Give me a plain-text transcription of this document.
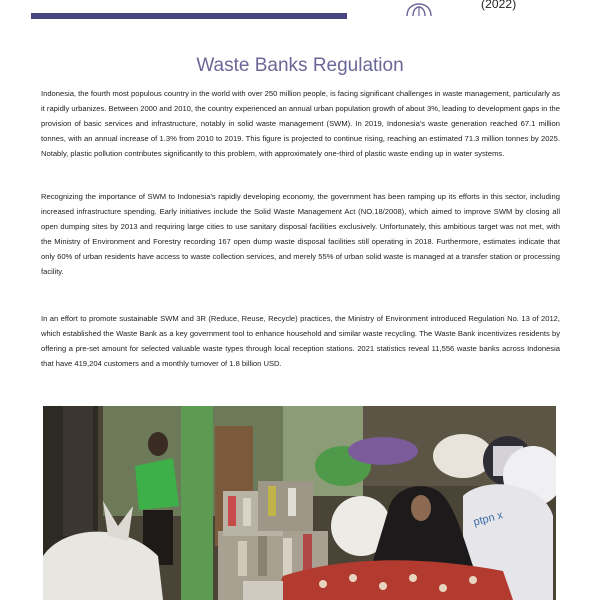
(2022)
Waste Banks Regulation

Indonesia, the fourth most populous country in the world with over 250 million people, is facing significant challenges in waste management, particularly as it rapidly urbanizes. Between 2000 and 2010, the country experienced an annual urban population growth of about 3%, leading to development gaps in the provision of basic services and infrastructure, notably in solid waste management (SWM). In 2019, Indonesia's waste generation reached 67.1 million tonnes, with an annual increase of 1.3% from 2010 to 2019. This figure is projected to continue rising, reaching an estimated 71.3 million tonnes by 2025. Notably, plastic pollution contributes significantly to this problem, with approximately one-third of plastic waste ending up in water systems.

Recognizing the importance of SWM to Indonesia's rapidly developing economy, the government has been ramping up its efforts in this sector, including increased infrastructure spending. Early initiatives include the Solid Waste Management Act (NO.18/2008), which aimed to improve SWM by closing all open dumping sites by 2013 and requiring large cities to use sanitary disposal facilities exclusively. Unfortunately, this ambitious target was not met, with the Ministry of Environment and Forestry recording 167 open dump waste disposal facilities still operating in 2018. Furthermore, estimates indicate that only 60% of urban residents have access to waste collection services, and merely 55% of urban solid waste is managed at a transfer station or processing facility.

In an effort to promote sustainable SWM and 3R (Reduce, Reuse, Recycle) practices, the Ministry of Environment introduced Regulation No. 13 of 2012, which established the Waste Bank as a key government tool to enhance household and similar waste recycling. The Waste Bank incentivizes residents by offering a pre-set amount for selected valuable waste types through local reception stations. 2021 statistics reveal 11,556 waste banks across Indonesia that have 419,204 customers and a monthly turnover of 1.8 billion USD.

ptpn x
